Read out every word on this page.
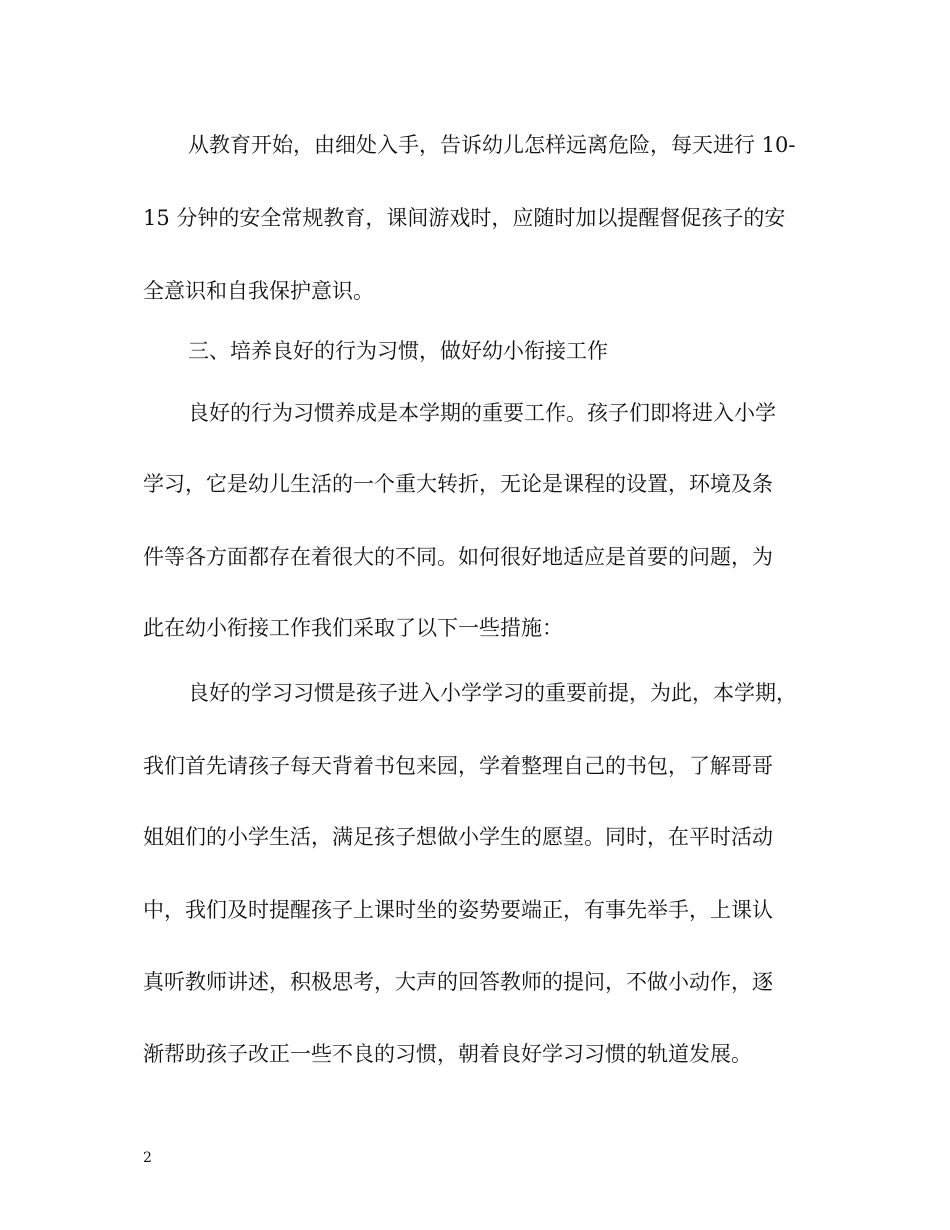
从教育开始，由细处入手，告诉幼儿怎样远离危险，每天进行 10-
15 分钟的安全常规教育，课间游戏时，应随时加以提醒督促孩子的安
全意识和自我保护意识。
三、培养良好的行为习惯，做好幼小衔接工作
良好的行为习惯养成是本学期的重要工作。孩子们即将进入小学
学习，它是幼儿生活的一个重大转折，无论是课程的设置，环境及条
件等各方面都存在着很大的不同。如何很好地适应是首要的问题，为
此在幼小衔接工作我们采取了以下一些措施：
良好的学习习惯是孩子进入小学学习的重要前提，为此，本学期，
我们首先请孩子每天背着书包来园，学着整理自己的书包，了解哥哥
姐姐们的小学生活，满足孩子想做小学生的愿望。同时，在平时活动
中，我们及时提醒孩子上课时坐的姿势要端正，有事先举手，上课认
真听教师讲述，积极思考，大声的回答教师的提问，不做小动作，逐
渐帮助孩子改正一些不良的习惯，朝着良好学习习惯的轨道发展。
2
